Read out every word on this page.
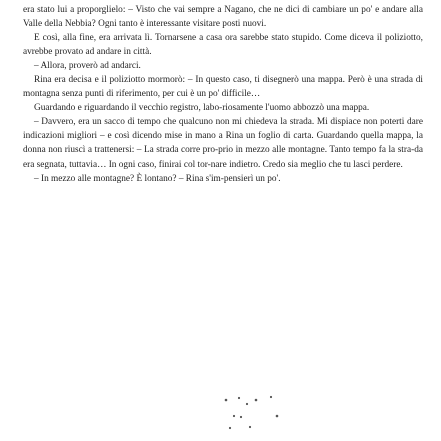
era stato lui a proporglielo: – Visto che vai sempre a Nagano, che ne dici di cambiare un po' e andare alla Valle della Nebbia? Ogni tanto è interessante visitare posti nuovi.

E così, alla fine, era arrivata lì. Tornarsene a casa ora sarebbe stato stupido. Come diceva il poliziotto, avrebbe provato ad andare in città.

– Allora, proverò ad andarci.

Rina era decisa e il poliziotto mormorò: – In questo caso, ti disegnerò una mappa. Però è una strada di montagna senza punti di riferimento, per cui è un po' difficile…

Guardando e riguardando il vecchio registro, labo-riosamente l'uomo abbozzò una mappa.

– Davvero, era un sacco di tempo che qualcuno non mi chiedeva la strada. Mi dispiace non poterti dare indicazioni migliori – e così dicendo mise in mano a Rina un foglio di carta. Guardando quella mappa, la donna non riuscì a trattenersi: – La strada corre pro-prio in mezzo alle montagne. Tanto tempo fa la stra-da era segnata, tuttavia… In ogni caso, finirai col tor-nare indietro. Credo sia meglio che tu lasci perdere.

– In mezzo alle montagne? È lontano? – Rina s'im-pensierì un po'.
